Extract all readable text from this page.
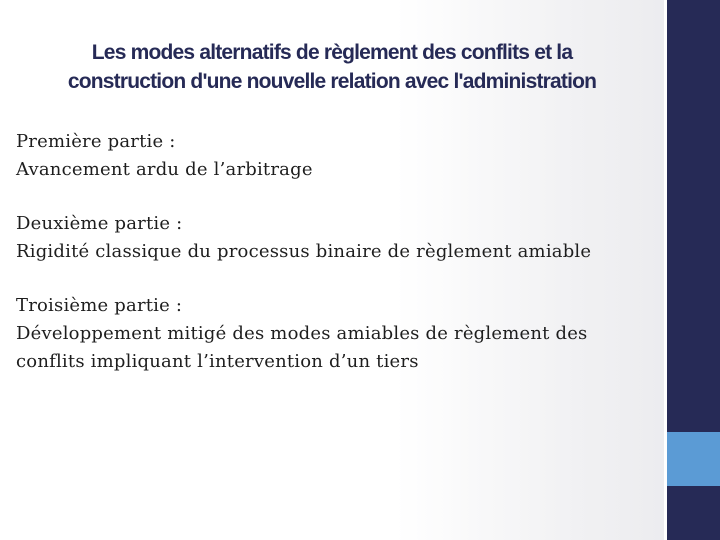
Les modes alternatifs de règlement des conflits et la
construction d'une nouvelle relation avec l'administration
Première partie :
Avancement ardu de l’arbitrage
Deuxième partie :
Rigidité classique du processus binaire de règlement amiable
Troisième partie :
Développement mitigé des modes amiables de règlement des
conflits impliquant l’intervention d’un tiers
